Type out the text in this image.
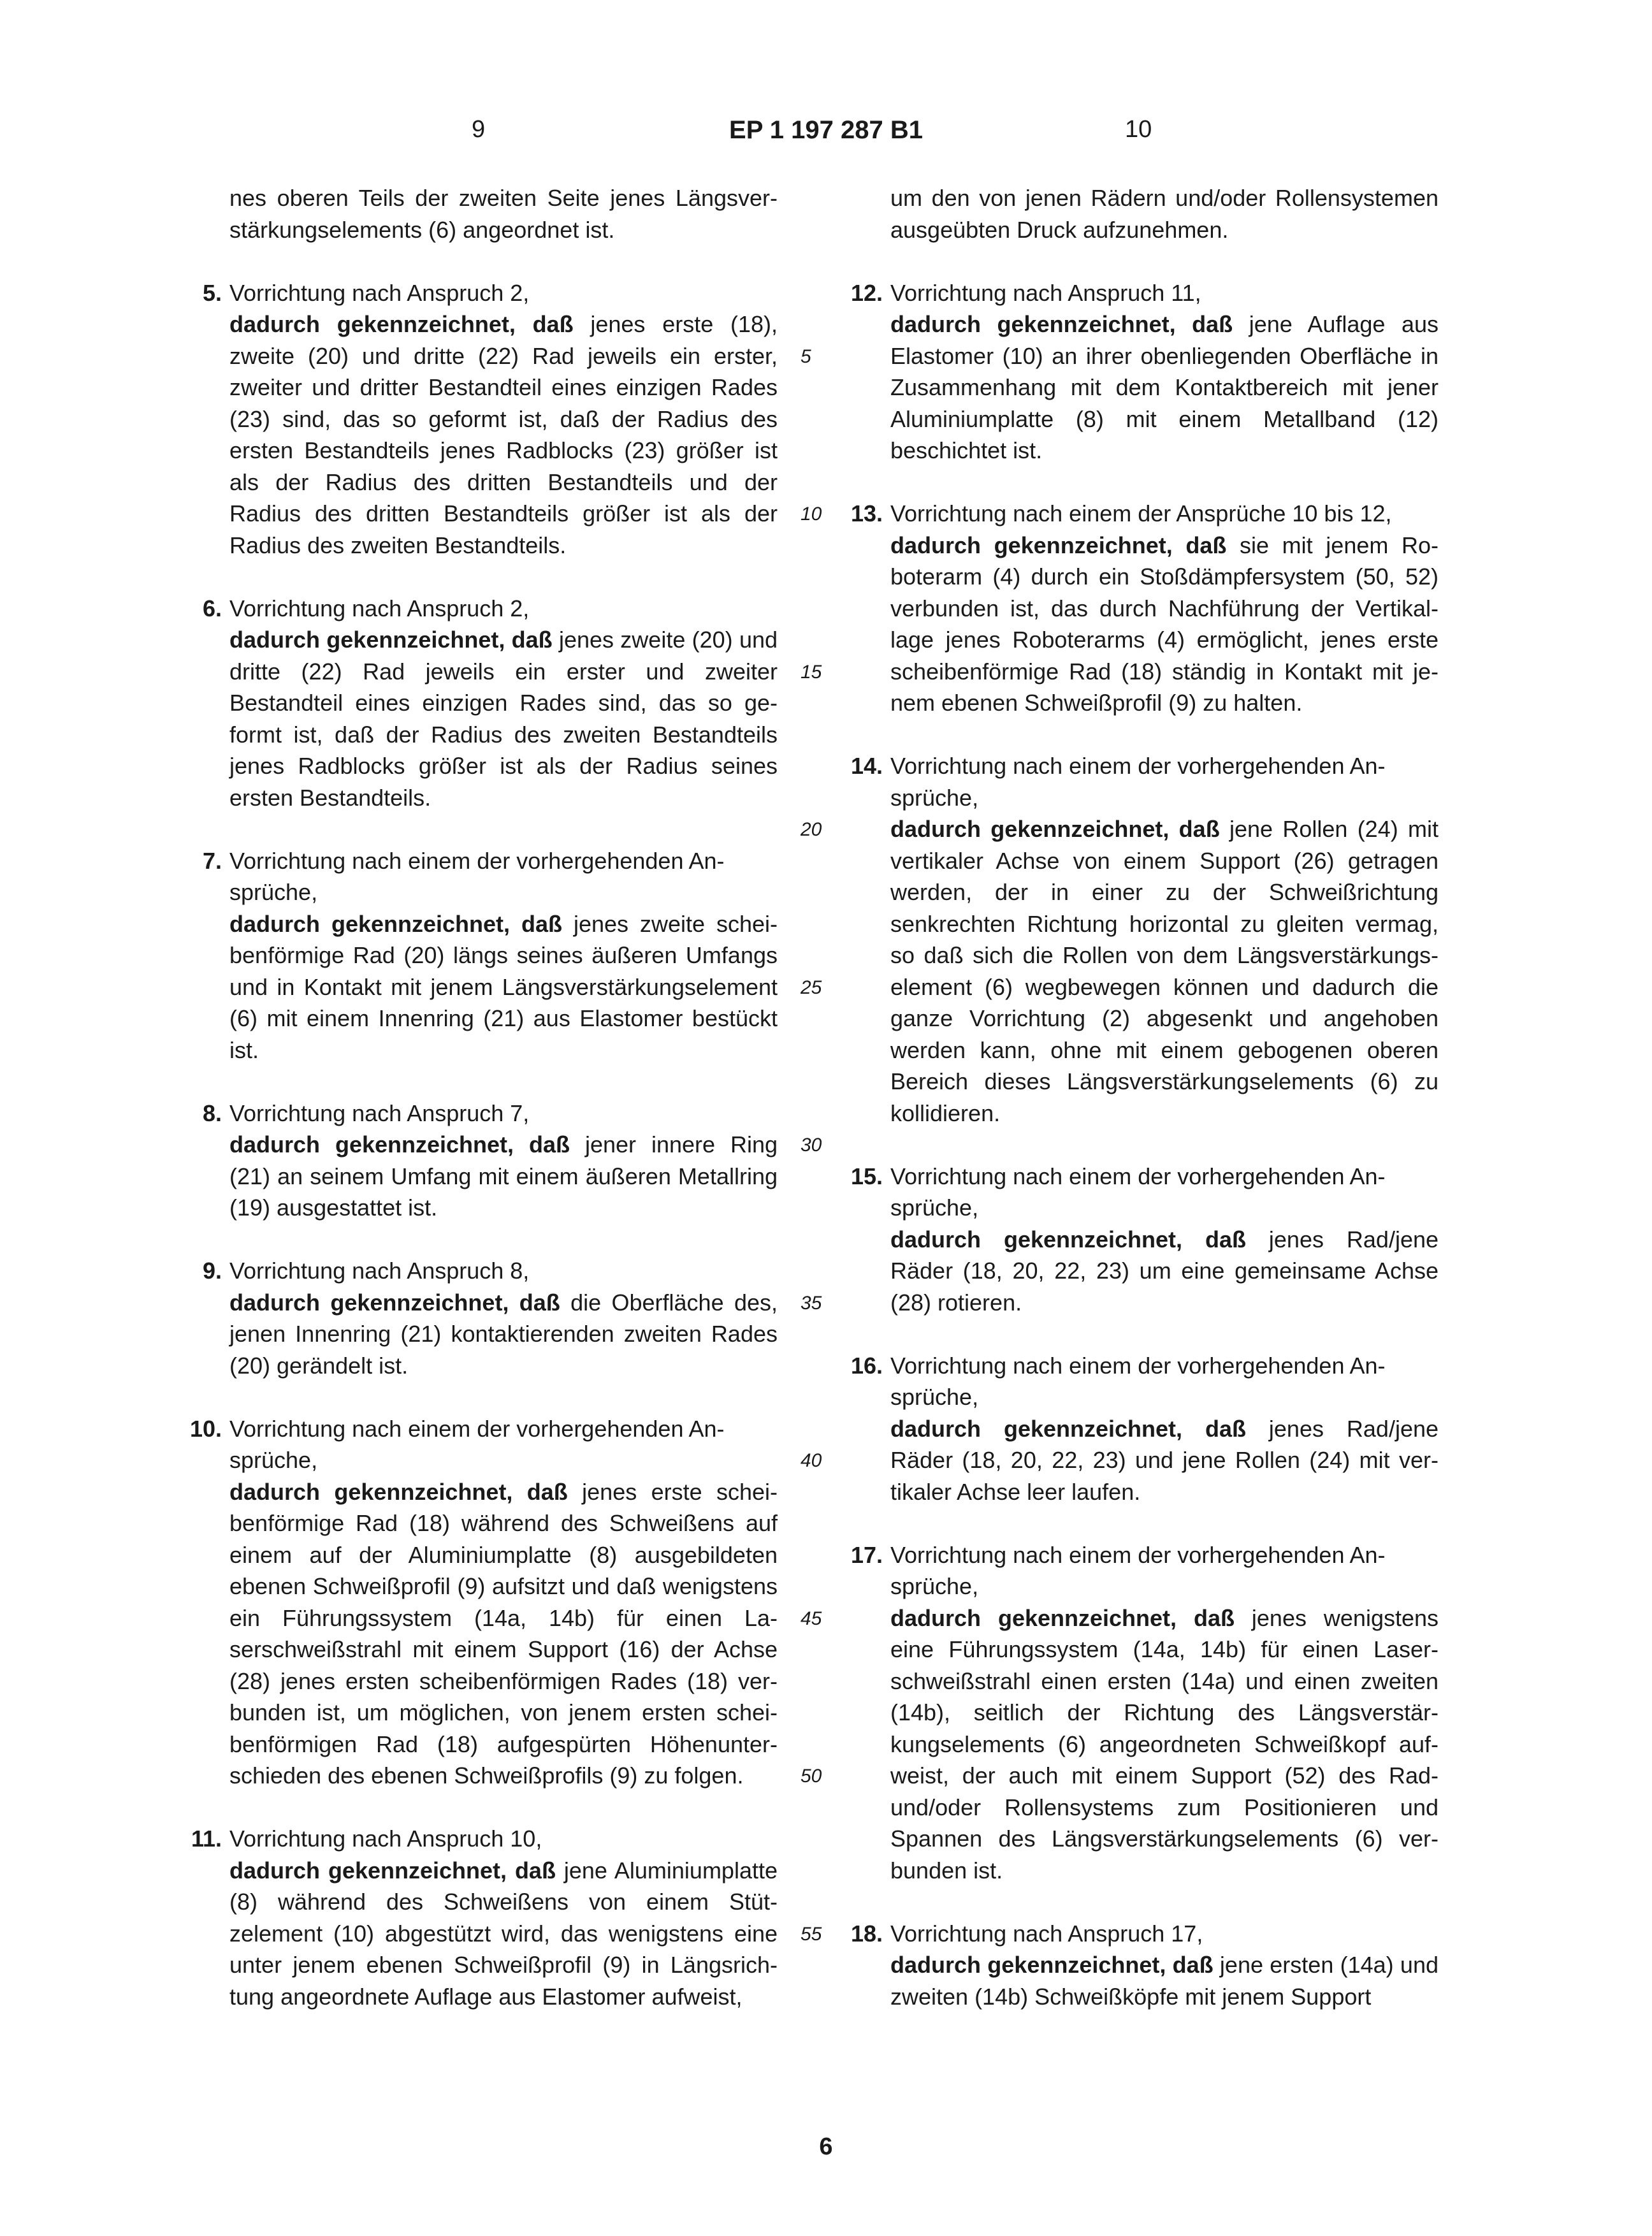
9	EP 1 197 287 B1	10
nes oberen Teils der zweiten Seite jenes Längsverstärkungselements (6) angeordnet ist.
5. Vorrichtung nach Anspruch 2,
dadurch gekennzeichnet, daß jenes erste (18), zweite (20) und dritte (22) Rad jeweils ein erster, zweiter und dritter Bestandteil eines einzigen Rades (23) sind, das so geformt ist, daß der Radius des ersten Bestandteils jenes Radblocks (23) größer ist als der Radius des dritten Bestandteils und der Radius des dritten Bestandteils größer ist als der Radius des zweiten Bestandteils.
6. Vorrichtung nach Anspruch 2,
dadurch gekennzeichnet, daß jenes zweite (20) und dritte (22) Rad jeweils ein erster und zweiter Bestandteil eines einzigen Rades sind, das so geformt ist, daß der Radius des zweiten Bestandteils jenes Radblocks größer ist als der Radius seines ersten Bestandteils.
7. Vorrichtung nach einem der vorhergehenden Ansprüche,
dadurch gekennzeichnet, daß jenes zweite scheibenförmige Rad (20) längs seines äußeren Umfangs und in Kontakt mit jenem Längsverstärkungselement (6) mit einem Innenring (21) aus Elastomer bestückt ist.
8. Vorrichtung nach Anspruch 7,
dadurch gekennzeichnet, daß jener innere Ring (21) an seinem Umfang mit einem äußeren Metallring (19) ausgestattet ist.
9. Vorrichtung nach Anspruch 8,
dadurch gekennzeichnet, daß die Oberfläche des, jenen Innenring (21) kontaktierenden zweiten Rades (20) gerändelt ist.
10. Vorrichtung nach einem der vorhergehenden Ansprüche,
dadurch gekennzeichnet, daß jenes erste scheibenförmige Rad (18) während des Schweißens auf einem auf der Aluminiumplatte (8) ausgebildeten ebenen Schweißprofil (9) aufsitzt und daß wenigstens ein Führungssystem (14a, 14b) für einen Laserschweißstrahl mit einem Support (16) der Achse (28) jenes ersten scheibenförmigen Rades (18) verbunden ist, um möglichen, von jenem ersten scheibenförmigen Rad (18) aufgespürten Höhenunterschieden des ebenen Schweißprofils (9) zu folgen.
11. Vorrichtung nach Anspruch 10,
dadurch gekennzeichnet, daß jene Aluminiumplatte (8) während des Schweißens von einem Stützelement (10) abgestützt wird, das wenigstens eine unter jenem ebenen Schweißprofil (9) in Längsrichtung angeordnete Auflage aus Elastomer aufweist,
um den von jenen Rädern und/oder Rollensystemen ausgeübten Druck aufzunehmen.
12. Vorrichtung nach Anspruch 11,
dadurch gekennzeichnet, daß jene Auflage aus Elastomer (10) an ihrer obenliegenden Oberfläche in Zusammenhang mit dem Kontaktbereich mit jener Aluminiumplatte (8) mit einem Metallband (12) beschichtet ist.
13. Vorrichtung nach einem der Ansprüche 10 bis 12,
dadurch gekennzeichnet, daß sie mit jenem Roboterarm (4) durch ein Stoßdämpfersystem (50, 52) verbunden ist, das durch Nachführung der Vertikallage jenes Roboterarms (4) ermöglicht, jenes erste scheibenförmige Rad (18) ständig in Kontakt mit jenem ebenen Schweißprofil (9) zu halten.
14. Vorrichtung nach einem der vorhergehenden Ansprüche,
dadurch gekennzeichnet, daß jene Rollen (24) mit vertikaler Achse von einem Support (26) getragen werden, der in einer zu der Schweißrichtung senkrechten Richtung horizontal zu gleiten vermag, so daß sich die Rollen von dem Längsverstärkungselement (6) wegbewegen können und dadurch die ganze Vorrichtung (2) abgesenkt und angehoben werden kann, ohne mit einem gebogenen oberen Bereich dieses Längsverstärkungselements (6) zu kollidieren.
15. Vorrichtung nach einem der vorhergehenden Ansprüche,
dadurch gekennzeichnet, daß jenes Rad/jene Räder (18, 20, 22, 23) um eine gemeinsame Achse (28) rotieren.
16. Vorrichtung nach einem der vorhergehenden Ansprüche,
dadurch gekennzeichnet, daß jenes Rad/jene Räder (18, 20, 22, 23) und jene Rollen (24) mit vertikaler Achse leer laufen.
17. Vorrichtung nach einem der vorhergehenden Ansprüche,
dadurch gekennzeichnet, daß jenes wenigstens eine Führungssystem (14a, 14b) für einen Laserschweißstrahl einen ersten (14a) und einen zweiten (14b), seitlich der Richtung des Längsverstärkungselements (6) angeordneten Schweißkopf aufweist, der auch mit einem Support (52) des Radund/oder Rollensystems zum Positionieren und Spannen des Längsverstärkungselements (6) verbunden ist.
18. Vorrichtung nach Anspruch 17,
dadurch gekennzeichnet, daß jene ersten (14a) und zweiten (14b) Schweißköpfe mit jenem Support
5
10
15
20
25
30
35
40
45
50
55
6
